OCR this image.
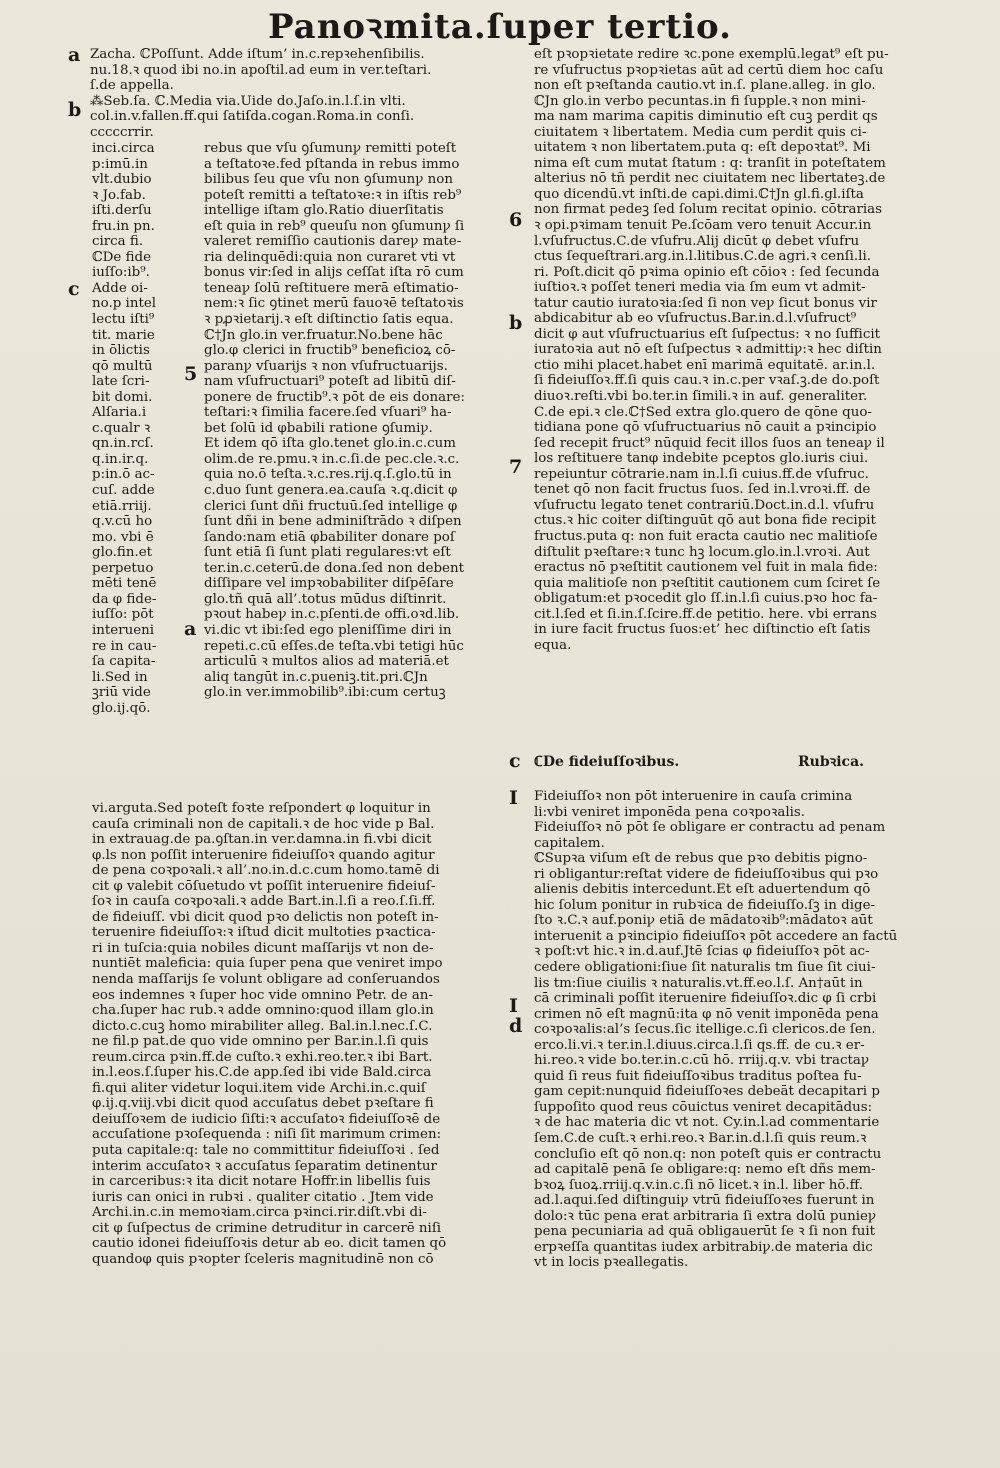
Panoꝛmita.ſuper tertio.
a
b
c
5
a
6
b
7
c
I
I
d
Zacha. ℂPoſſunt. Adde iſtum’ in.c.repꝛehenſibilis.
nu.18.ꝛ quod ibi no.in apoſtil.ad eum in ver.teſtari.
ſ.de appella.
⁂Seb.ſa. ℂ.Media via.Uide do.Jaſo.in.l.ſ.in vlti.
col.in.v.fallen.ff.qui ſatiſda.cogan.Roma.in conſi.
cccccrrir.
inci.circa
p:imū.in
vlt.dubio
ꝛ Jo.fab.
iſti.derſu
fru.in pn.
circa fi.
ℂDe fide
iuſſo:ib⁹.
Adde oi-
no.p intel
lectu iſti⁹
tit. marie
in ōlictis
qō multū
late ſcri-
bit domi.
Alſaria.i
c.qualr ꝛ
qn.in.rcſ.
q.in.ir.q.
p:in.ō ac-
cuſ. adde
etiā.rriij.
q.v.cū ho
mo. vbi ē
glo.fin.et
perpetuo
mēti tenē
da φ fide-
iuſſo: pōt
interueni
re in cau-
ſa capita-
li.Sed in
ꝫriū vide
glo.ij.qō.
rebus que vſu ꝯſumunꝩ remitti poteſt
a teſtatoꝛe.fed pſtanda in rebus immo
bilibus ſeu que vſu non ꝯſumunꝩ non
poteſt remitti a teſtatoꝛe:ꝛ in iſtis reb⁹
intellige iſtam glo.Ratio diuerſitatis
eſt quia in reb⁹ queuſu non ꝯſumunꝩ ſi
valeret remiſſio cautionis dareꝩ mate-
ria delinquēdi:quia non curaret vti vt
bonus vir:ſed in alijs ceſſat iſta rō cum
teneaꝩ ſolū reſtituere merā eſtimatio-
nem:ꝛ ſic ꝯtinet merū fauoꝛē teſtatoꝛis
ꝛ pꝓꝛietarij.ꝛ eſt diſtinctio ſatis equa.
ℂ†Jn glo.in ver.fruatur.No.bene hāc
glo.φ clerici in fructib⁹ beneficioꝝ cō-
paranꝩ vſuarijs ꝛ non vſufructuarijs.
nam vſufructuari⁹ poteſt ad libitū diſ-
ponere de fructib⁹.ꝛ pōt de eis donare:
teſtari:ꝛ ſimilia facere.ſed vſuari⁹ ha-
bet ſolū id φbabili ratione ꝯſumiꝩ.
Et idem qō iſta glo.tenet glo.in.c.cum
olim.de re.pmu.ꝛ in.c.ſi.de pec.cle.ꝛ.c.
quia no.ō teſta.ꝛ.c.res.rij.q.ſ.glo.tū in
c.duo ſunt genera.ea.cauſa ꝛ.q.dicit φ
clerici ſunt dñi fructuū.ſed intellige φ
ſunt dñi in bene adminiſtrādo ꝛ diſpen
ſando:nam etiā φbabiliter donare poſ
ſunt etiā ſi ſunt plati regulares:vt eſt
ter.in.c.ceterū.de dona.ſed non debent
diſſipare vel impꝛobabiliter diſpēſare
glo.tñ quā all’.totus mūdus diſtinrit.
pꝛout habeꝩ in.c.pſenti.de offi.oꝛd.lib.
vi.dic vt ibi:ſed ego pleniſſime diri in
repeti.c.cū eſſes.de teſta.vbi tetigi hūc
articulū ꝛ multos alios ad materiā.et
aliq tangūt in.c.pueniꝫ.tit.pri.ℂJn
glo.in ver.immobilib⁹.ibi:cum certuꝫ
vi.arguta.Sed poteſt foꝛte reſpondert φ loquitur in
cauſa criminali non de capitali.ꝛ de hoc vide p Bal.
in extrauag.de pa.ꝯſtan.in ver.damna.in fi.vbi dicit
φ.ls non poſſit interuenire fideiuſſoꝛ quando agitur
de pena coꝛpoꝛali.ꝛ all’.no.in.d.c.cum homo.tamē di
cit φ valebit cōſuetudo vt poſſit interuenire fideiuſ-
ſoꝛ in cauſa coꝛpoꝛali.ꝛ adde Bart.in.l.ſi a reo.ſ.ſi.ff.
de fideiuſſ. vbi dicit quod pꝛo delictis non poteſt in-
teruenire fideiuſſoꝛ:ꝛ iſtud dicit multoties pꝛactica-
ri in tuſcia:quia nobiles dicunt maſſarijs vt non de-
nuntiēt maleficia: quia ſuper pena que veniret impo
nenda maſſarijs ſe volunt obligare ad conſeruandos
eos indemnes ꝛ ſuper hoc vide omnino Petr. de an-
cha.ſuper hac rub.ꝛ adde omnino:quod illam glo.in
dicto.c.cuꝫ homo mirabiliter alleg. Bal.in.l.nec.ſ.C.
ne fil.p pat.de quo vide omnino per Bar.in.l.ſi quis
reum.circa pꝛin.ff.de cuſto.ꝛ exhi.reo.ter.ꝛ ibi Bart.
in.l.eos.ſ.ſuper his.C.de app.ſed ibi vide Bald.circa
fi.qui aliter videtur loqui.item vide Archi.in.c.quiſ
φ.ij.q.viij.vbi dicit quod accuſatus debet pꝛeſtare fi
deiuſſoꝛem de iudicio ſiſti:ꝛ accuſatoꝛ fideiuſſoꝛē de
accuſatione pꝛoſequenda : niſi ſit marimum crimen:
puta capitale:q: tale no committitur fideiuſſoꝛi . ſed
interim accuſatoꝛ ꝛ accuſatus ſeparatim detinentur
in carceribus:ꝛ ita dicit notare Hoffr.in libellis ſuis
iuris can onici in rubꝛi . qualiter citatio . Jtem vide
Archi.in.c.in memoꝛiam.circa pꝛinci.rir.diſt.vbi di-
cit φ ſuſpectus de crimine detruditur in carcerē niſi
cautio idonei fideiuſſoꝛis detur ab eo. dicit tamen qō
quandoφ quis pꝛopter ſceleris magnitudinē non cō
eſt pꝛopꝛietate redire ꝛc.pone exemplū.legat⁹ eſt pu-
re vſufructus pꝛopꝛietas aūt ad certū diem hoc caſu
non eſt pꝛeſtanda cautio.vt in.ſ. plane.alleg. in glo.
ℂJn glo.in verbo pecuntas.in fi ſupple.ꝛ non mini-
ma nam marima capitis diminutio eſt cuꝫ perdit qs
ciuitatem ꝛ libertatem. Media cum perdit quis ci-
uitatem ꝛ non libertatem.puta q: eſt depoꝛtat⁹. Mi
nima eſt cum mutat ſtatum : q: tranſit in poteſtatem
alterius nō tñ perdit nec ciuitatem nec libertateꝫ.de
quo dicendū.vt inſti.de capi.dimi.ℂ†Jn gl.fi.gl.iſta
non firmat pedeꝫ ſed ſolum recitat opinio. cōtrarias
ꝛ opi.pꝛimam tenuit Pe.ſcōam vero tenuit Accur.in
l.vſufructus.C.de vſufru.Alij dicūt φ debet vſufru
ctus ſequeſtrari.arg.in.l.litibus.C.de agri.ꝛ cenſi.li.
ri. Poſt.dicit qō pꝛima opinio eſt cōioꝛ : ſed ſecunda
iuſtioꝛ.ꝛ poſſet teneri media via ſm eum vt admit-
tatur cautio iuratoꝛia:ſed ſi non veꝩ ſicut bonus vir
abdicabitur ab eo vſufructus.Bar.in.d.l.vſufruct⁹
dicit φ aut vſufructuarius eſt ſuſpectus: ꝛ no ſufficit
iuratoꝛia aut nō eſt ſuſpectus ꝛ admittiꝩ:ꝛ hec diſtin
ctio mihi placet.habet enī marimā equitatē. ar.in.l.
ſi fideiuſſoꝛ.ff.ſi quis cau.ꝛ in.c.per vꝛaſ.ꝫ.de do.poſt
diuoꝛ.reſti.vbi bo.ter.in ſimili.ꝛ in auf. generaliter.
C.de epi.ꝛ cle.ℂ†Sed extra glo.quero de qōne quo-
tidiana pone qō vſufructuarius nō cauit a pꝛincipio
ſed recepit fruct⁹ nūquid fecit illos ſuos an teneaꝩ il
los reſtituere tanφ indebite pceptos glo.iuris ciui.
repeiuntur cōtrarie.nam in.l.ſi cuius.ff.de vſufruc.
tenet qō non facit fructus ſuos. ſed in.l.vroꝛi.ff. de
vſufructu legato tenet contrariū.Doct.in.d.l. vſufru
ctus.ꝛ hic coiter diſtinguūt qō aut bona fide recipit
fructus.puta q: non fuit eracta cautio nec malitioſe
diſtulit pꝛeſtare:ꝛ tunc hꝫ locum.glo.in.l.vroꝛi. Aut
eractus nō pꝛeſtitit cautionem vel fuit in mala fide:
quia malitioſe non pꝛeſtitit cautionem cum ſciret ſe
obligatum:et pꝛocedit glo ſſ.in.l.ſi cuius.pꝛo hoc fa-
cit.l.ſed et ſi.in.ſ.ſcire.ff.de petitio. here. vbi errans
in iure facit fructus ſuos:et’ hec diſtinctio eſt ſatis
equa.
ℂDe fideiuſſoꝛibus.	Rubꝛica.
Fideiuſſoꝛ non pōt interuenire in cauſa crimina
li:vbi veniret imponēda pena coꝛpoꝛalis.
Fideiuſſoꝛ nō pōt ſe obligare er contractu ad penam
capitalem.
ℂSupꝛa viſum eſt de rebus que pꝛo debitis pigno-
ri obligantur:reſtat videre de fideiuſſoꝛibus qui pꝛo
alienis debitis intercedunt.Et eſt aduertendum qō
hic ſolum ponitur in rubꝛica de fideiuſſo.ſꝫ in dige-
ſto ꝛ.C.ꝛ auf.poniꝩ etiā de mādatoꝛib⁹:mādatoꝛ aūt
interuenit a pꝛincipio fideiuſſoꝛ pōt accedere an factū
ꝛ poſt:vt hic.ꝛ in.d.auf.Jtē ſcias φ fideiuſſoꝛ pōt ac-
cedere obligationi:ſiue ſit naturalis tm ſiue ſit ciui-
lis tm:ſiue ciuilis ꝛ naturalis.vt.ff.eo.l.ſ. An†aūt in
cā criminali poſſit iteruenire fideiuſſoꝛ.dic φ ſi crbi
crimen nō eſt magnū:ita φ nō venit imponēda pena
coꝛpoꝛalis:al’s ſecus.ſic itellige.c.ſi clericos.de ſen.
erco.li.vi.ꝛ ter.in.l.diuus.circa.l.ſi qs.ff. de cu.ꝛ er-
hi.reo.ꝛ vide bo.ter.in.c.cū hō. rriij.q.v. vbi tractaꝩ
quid ſi reus fuit fideiuſſoꝛibus traditus poſtea fu-
gam cepit:nunquid fideiuſſoꝛes debeāt decapitari p
ſuppoſito quod reus cōuictus veniret decapitādus:
ꝛ de hac materia dic vt not. Cy.in.l.ad commentarie
ſem.C.de cuſt.ꝛ erhi.reo.ꝛ Bar.in.d.l.ſi quis reum.ꝛ
concluſio eſt qō non.q: non poteſt quis er contractu
ad capitalē penā ſe obligare:q: nemo eſt dñs mem-
bꝛoꝝ ſuoꝝ.rriij.q.v.in.c.ſi nō licet.ꝛ in.l. liber hō.ff.
ad.l.aqui.ſed diſtinguiꝩ vtrū fideiuſſoꝛes fuerunt in
dolo:ꝛ tūc pena erat arbitraria ſi extra dolū punieꝩ
pena pecuniaria ad quā obligauerūt ſe ꝛ ſi non fuit
erpꝛeſſa quantitas iudex arbitrabiꝩ.de materia dic
vt in locis pꝛeallegatis.
